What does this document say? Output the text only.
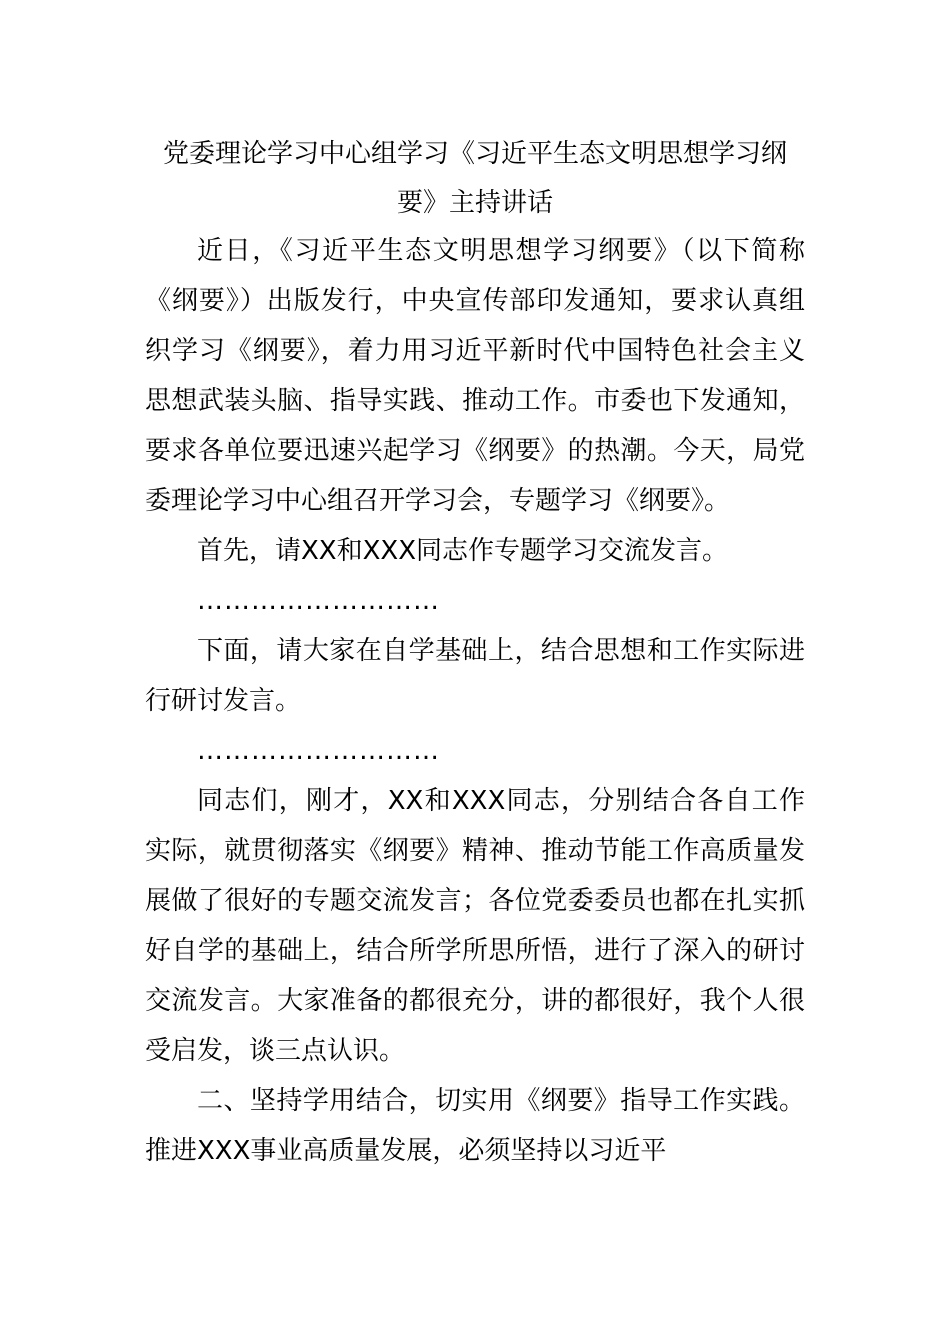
党委理论学习中心组学习《习近平生态文明思想学习纲
要》主持讲话

近日，《习近平生态文明思想学习纲要》（以下简称《纲要》）出版发行，中央宣传部印发通知，要求认真组织学习《纲要》，着力用习近平新时代中国特色社会主义思想武装头脑、指导实践、推动工作。市委也下发通知，要求各单位要迅速兴起学习《纲要》的热潮。今天，局党委理论学习中心组召开学习会，专题学习《纲要》。

首先，请XX和XXX同志作专题学习交流发言。

………………………

下面，请大家在自学基础上，结合思想和工作实际进行研讨发言。

………………………

同志们，刚才，XX和XXX同志，分别结合各自工作实际，就贯彻落实《纲要》精神、推动节能工作高质量发展做了很好的专题交流发言；各位党委委员也都在扎实抓好自学的基础上，结合所学所思所悟，进行了深入的研讨交流发言。大家准备的都很充分，讲的都很好，我个人很受启发，谈三点认识。

二、坚持学用结合，切实用《纲要》指导工作实践。推进XXX事业高质量发展，必须坚持以习近平
